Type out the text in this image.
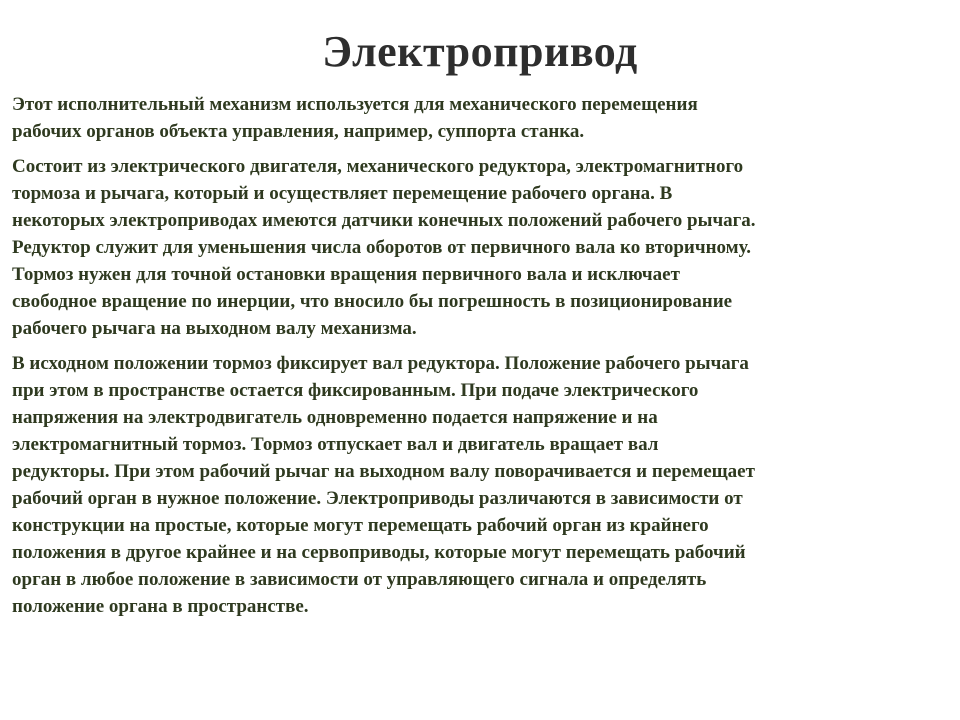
Электропривод

Этот исполнительный механизм используется для механического перемещения
рабочих органов объекта управления, например, суппорта станка.

Состоит из электрического двигателя, механического редуктора, электромагнитного
тормоза и рычага, который и осуществляет перемещение рабочего органа. В
некоторых электроприводах имеются датчики конечных положений рабочего рычага.
Редуктор служит для уменьшения числа оборотов от первичного вала ко вторичному.
Тормоз нужен для точной остановки вращения первичного вала и исключает
свободное вращение по инерции, что вносило бы погрешность в позиционирование
рабочего рычага на выходном валу механизма.

В исходном положении тормоз фиксирует вал редуктора. Положение рабочего рычага
при этом в пространстве остается фиксированным. При подаче электрического
напряжения на электродвигатель одновременно подается напряжение и на
электромагнитный тормоз. Тормоз отпускает вал и двигатель вращает вал
редукторы. При этом рабочий рычаг на выходном валу поворачивается и перемещает
рабочий орган в нужное положение. Электроприводы различаются в зависимости от
конструкции на простые, которые могут перемещать рабочий орган из крайнего
положения в другое крайнее и на сервоприводы, которые могут перемещать рабочий
орган в любое положение в зависимости от управляющего сигнала и определять
положение органа в пространстве.
